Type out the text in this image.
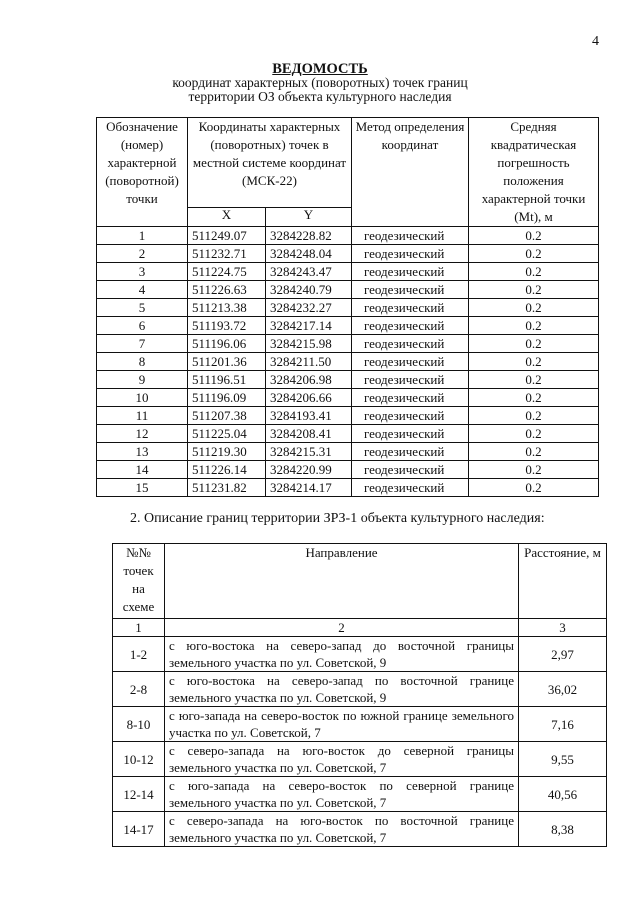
4
ВЕДОМОСТЬ
координат характерных (поворотных) точек границ
территории ОЗ объекта культурного наследия
Обозначение (номер) характерной (поворотной) точки	Координаты характерных (поворотных) точек в местной системе координат (МСК-22)		Метод определения координат	Средняя квадратическая погрешность положения характерной точки (Mt), м
	X	Y		
1	511249.07	3284228.82	геодезический	0.2
2	511232.71	3284248.04	геодезический	0.2
3	511224.75	3284243.47	геодезический	0.2
4	511226.63	3284240.79	геодезический	0.2
5	511213.38	3284232.27	геодезический	0.2
6	511193.72	3284217.14	геодезический	0.2
7	511196.06	3284215.98	геодезический	0.2
8	511201.36	3284211.50	геодезический	0.2
9	511196.51	3284206.98	геодезический	0.2
10	511196.09	3284206.66	геодезический	0.2
11	511207.38	3284193.41	геодезический	0.2
12	511225.04	3284208.41	геодезический	0.2
13	511219.30	3284215.31	геодезический	0.2
14	511226.14	3284220.99	геодезический	0.2
15	511231.82	3284214.17	геодезический	0.2
2. Описание границ территории ЗРЗ-1 объекта культурного наследия:
№№ точек на схеме	Направление	Расстояние, м
1	2	3
1-2	с юго-востока на северо-запад до восточной границы земельного участка по ул. Советской, 9	2,97
2-8	с юго-востока на северо-запад по восточной границе земельного участка по ул. Советской, 9	36,02
8-10	с юго-запада на северо-восток по южной границе земельного участка по ул. Советской, 7	7,16
10-12	с северо-запада на юго-восток до северной границы земельного участка по ул. Советской, 7	9,55
12-14	с юго-запада на северо-восток по северной границе земельного участка по ул. Советской, 7	40,56
14-17	с северо-запада на юго-восток по восточной границе земельного участка по ул. Советской, 7	8,38
